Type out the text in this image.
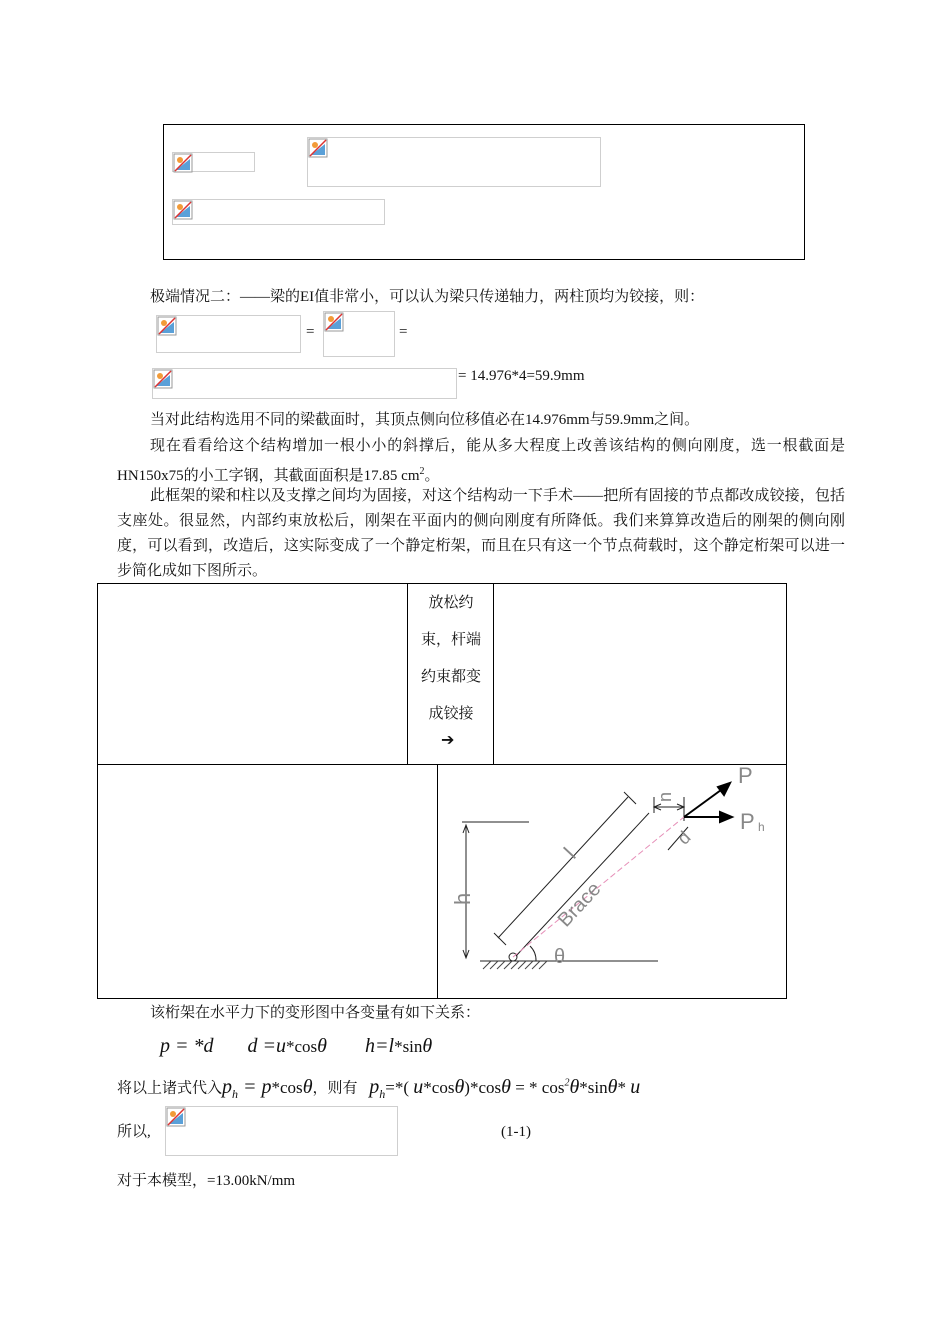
极端情况二：——梁的EI值非常小，可以认为梁只传递轴力，两柱顶均为铰接，则：
=	=
= 14.976*4=59.9mm
当对此结构选用不同的梁截面时，其顶点侧向位移值必在14.976mm与59.9mm之间。
现在看看给这个结构增加一根小小的斜撑后，能从多大程度上改善该结构的侧向刚度，选一根截面是HN150x75的小工字钢，其截面面积是17.85 $cm^2$。
此框架的梁和柱以及支撑之间均为固接，对这个结构动一下手术——把所有固接的节点都改成铰接，包括支座处。很显然，内部约束放松后，刚架在平面内的侧向刚度有所降低。我们来算算改造后的刚架的侧向刚度，可以看到，改造后，这实际变成了一个静定桁架，而且在只有这一个节点荷载时，这个静定桁架可以进一步简化成如下图所示。
放松约
束，杆端
约束都变
成铰接
➔
P
P h
u
d
l
h	Brace
θ
该桁架在水平力下的变形图中各变量有如下关系：
p = *d d =u*cosθ h=l*sinθ
将以上诸式代入$p_h = p*\cos\theta$，则有 $p_h=*$( u*cosθ)*cosθ = * $\cos^2\theta*\sin\theta*$ u
所以,	(1-1)
对于本模型，=13.00kN/mm
